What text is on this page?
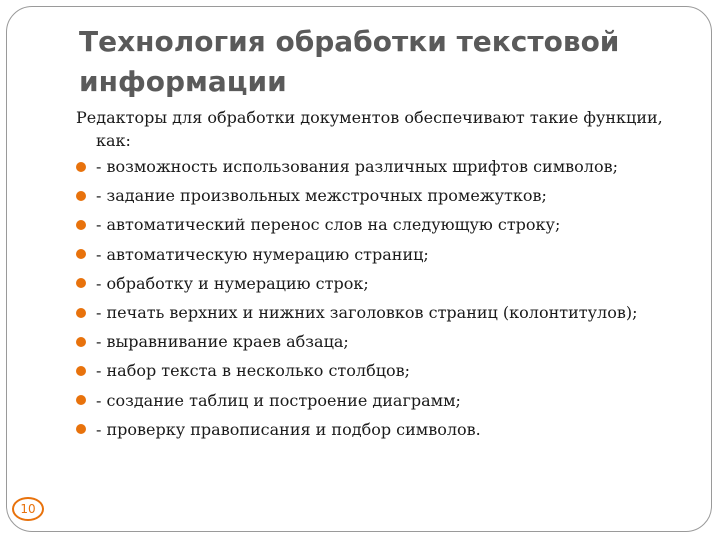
Технология обработки текстовой информации

Редакторы для обработки документов обеспечивают такие функции, как:

- возможность использования различных шрифтов символов;
- задание произвольных межстрочных промежутков;
- автоматический перенос слов на следующую строку;
- автоматическую нумерацию страниц;
- обработку и нумерацию строк;
- печать верхних и нижних заголовков страниц (колонтитулов);
- выравнивание краев абзаца;
- набор текста в несколько столбцов;
- создание таблиц и построение диаграмм;
- проверку правописания и подбор символов.
10
